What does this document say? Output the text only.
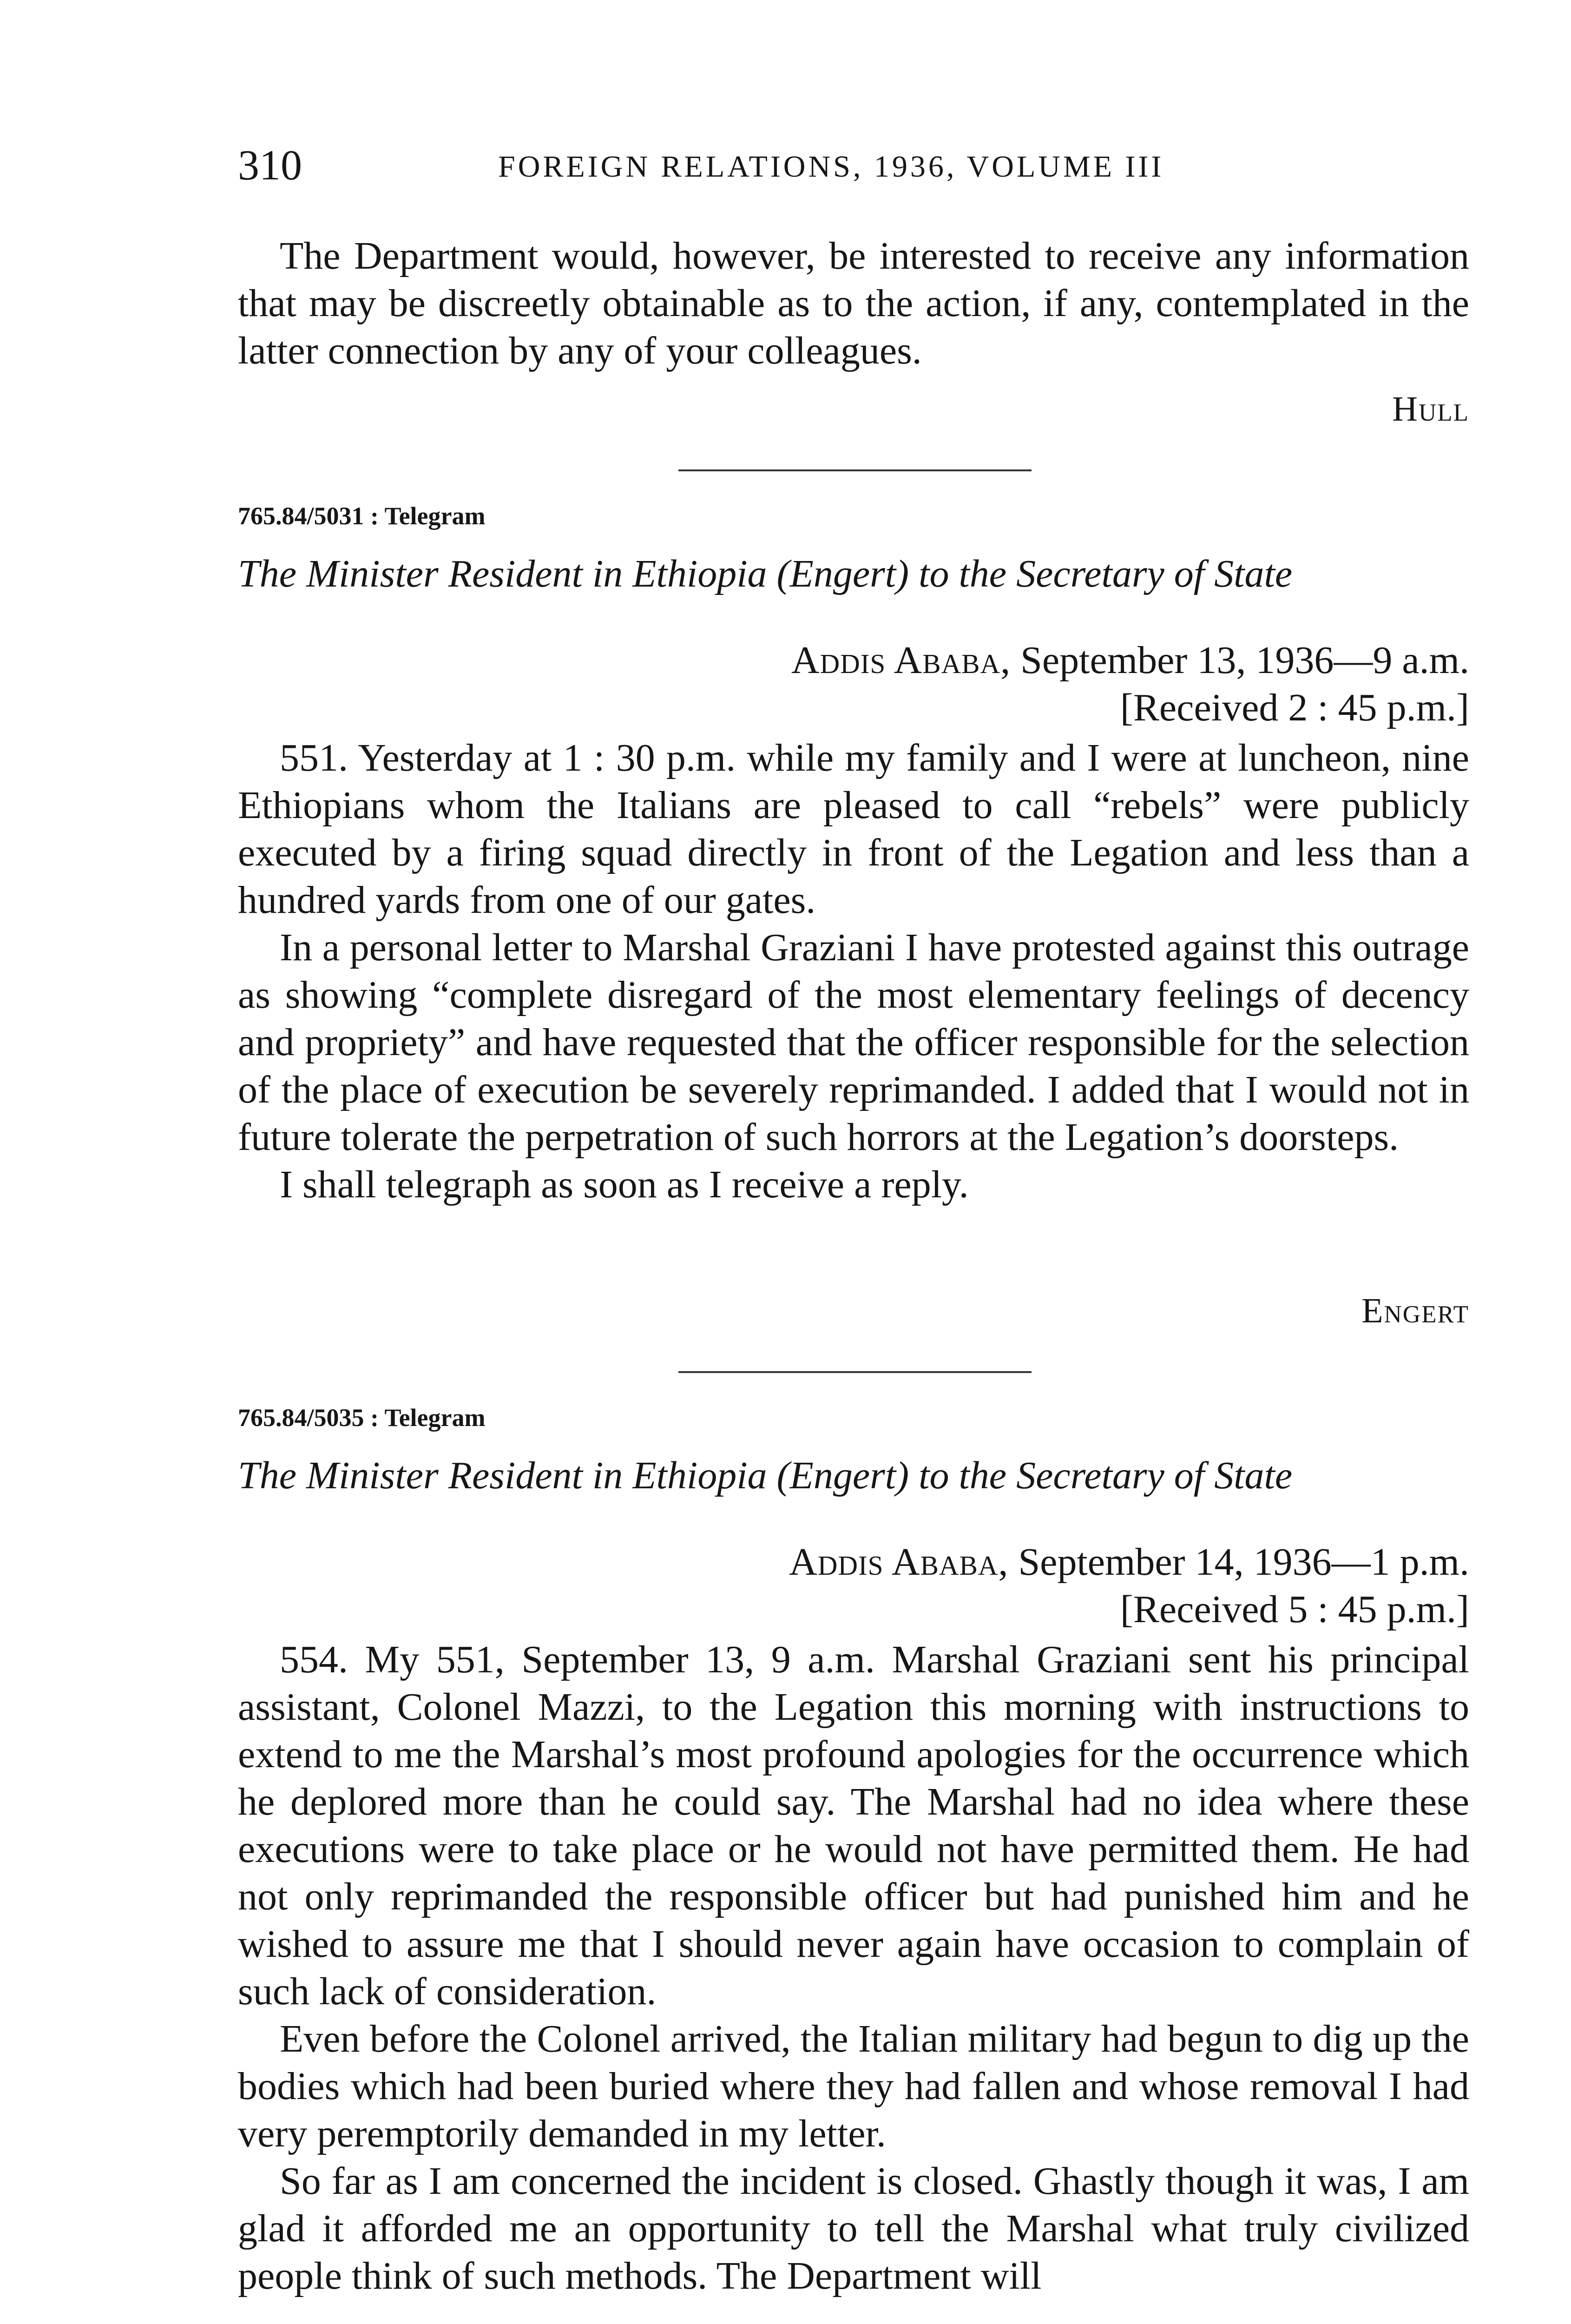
310	FOREIGN RELATIONS, 1936, VOLUME III

The Department would, however, be interested to receive any information that may be discreetly obtainable as to the action, if any, contemplated in the latter connection by any of your colleagues.

Hull
765.84/5031 : Telegram
The Minister Resident in Ethiopia (Engert) to the Secretary of State
Addis Ababa, September 13, 1936—9 a.m.
[Received 2 : 45 p.m.]

551. Yesterday at 1 : 30 p.m. while my family and I were at luncheon, nine Ethiopians whom the Italians are pleased to call “rebels” were publicly executed by a firing squad directly in front of the Legation and less than a hundred yards from one of our gates.

In a personal letter to Marshal Graziani I have protested against this outrage as showing “complete disregard of the most elementary feelings of decency and propriety” and have requested that the officer responsible for the selection of the place of execution be severely reprimanded. I added that I would not in future tolerate the perpetration of such horrors at the Legation’s doorsteps.

I shall telegraph as soon as I receive a reply.

Engert
765.84/5035 : Telegram
The Minister Resident in Ethiopia (Engert) to the Secretary of State
Addis Ababa, September 14, 1936—1 p.m.
[Received 5 : 45 p.m.]

554. My 551, September 13, 9 a.m. Marshal Graziani sent his principal assistant, Colonel Mazzi, to the Legation this morning with instructions to extend to me the Marshal’s most profound apologies for the occurrence which he deplored more than he could say. The Marshal had no idea where these executions were to take place or he would not have permitted them. He had not only reprimanded the responsible officer but had punished him and he wished to assure me that I should never again have occasion to complain of such lack of consideration.

Even before the Colonel arrived, the Italian military had begun to dig up the bodies which had been buried where they had fallen and whose removal I had very peremptorily demanded in my letter.

So far as I am concerned the incident is closed. Ghastly though it was, I am glad it afforded me an opportunity to tell the Marshal what truly civilized people think of such methods. The Department will
